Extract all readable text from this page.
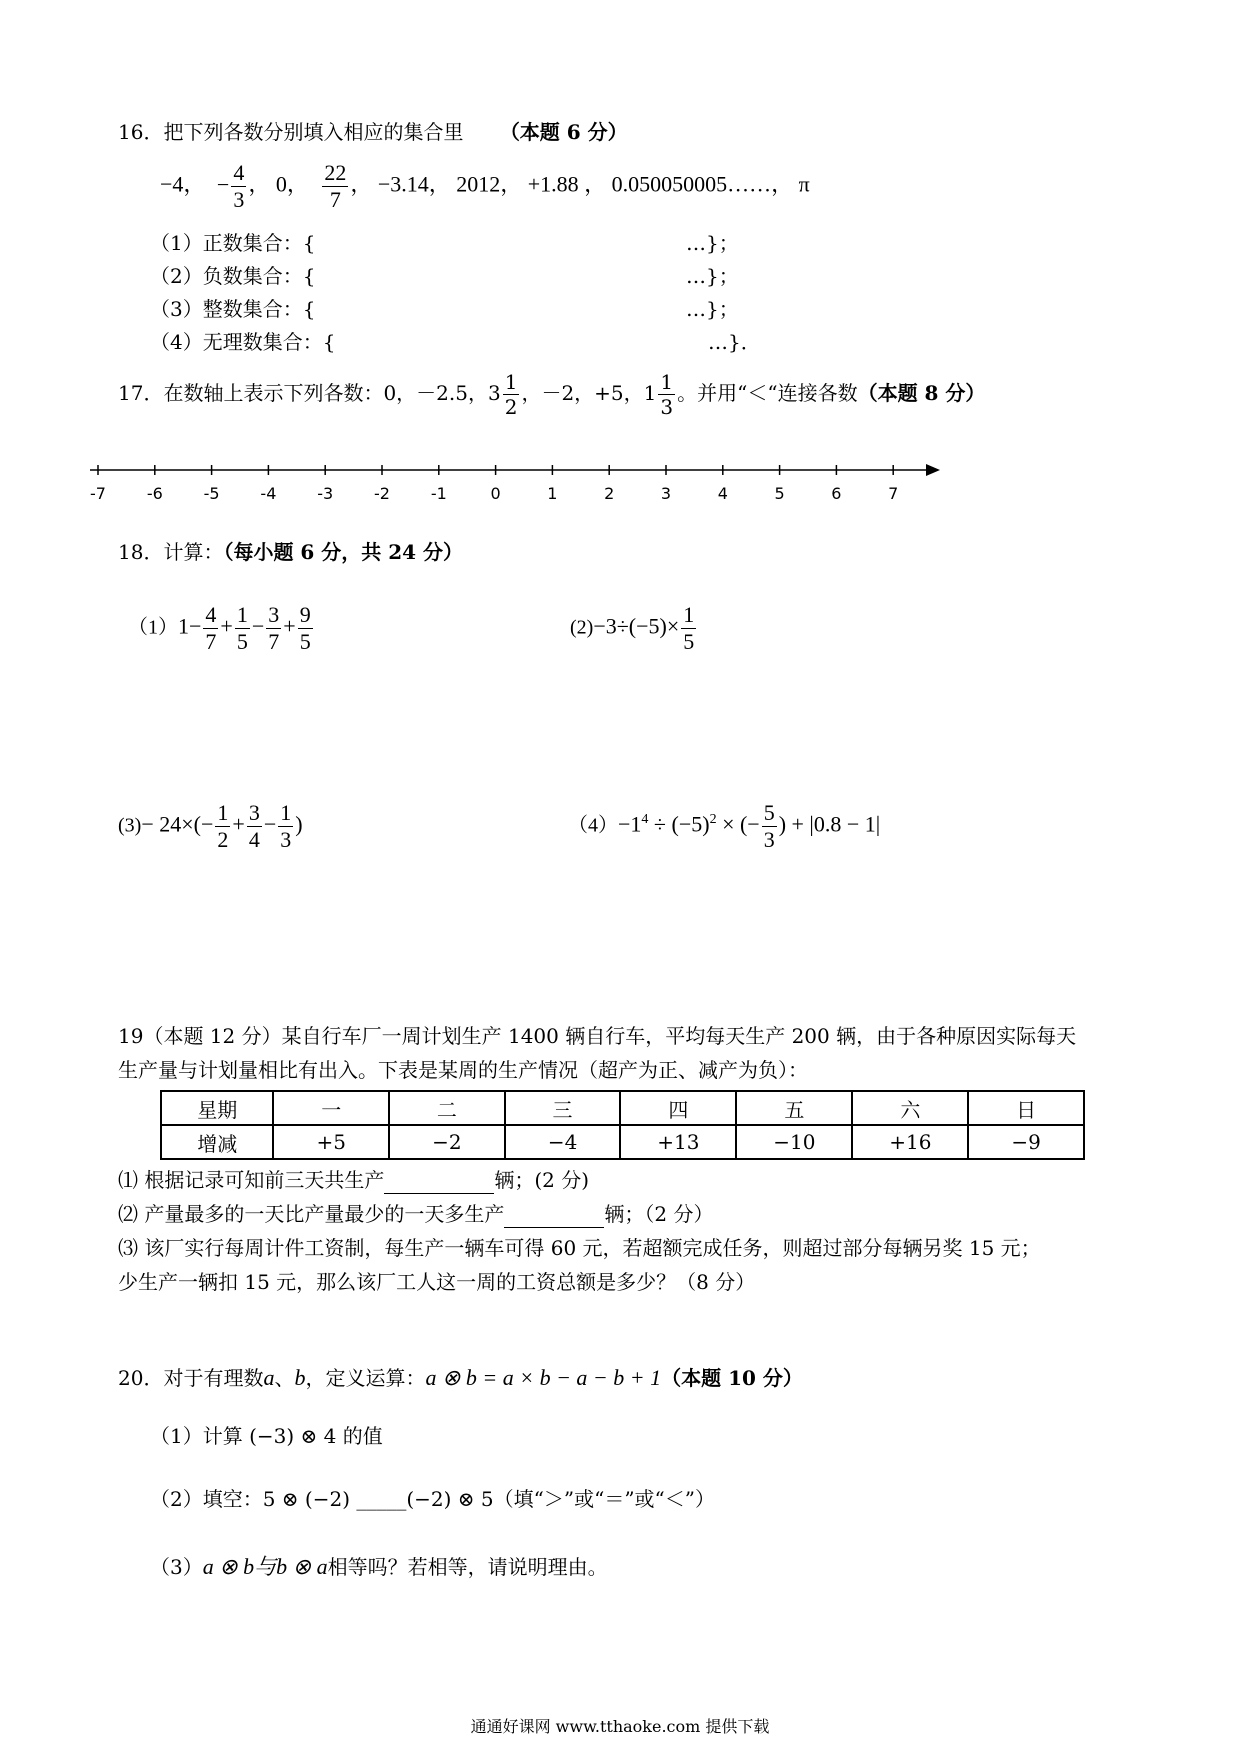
16．把下列各数分别填入相应的集合里 （本题 6 分）
−4， − $\frac{4}{3}$ ， 0， $\frac{22}{7}$ ， −3.14， 2012， +1.88 ， 0.050050005……， π
（1）正数集合：{	…}；
（2）负数集合：{	…}；
（3）整数集合：{	…}；
（4）无理数集合：{	…}．
17．在数轴上表示下列各数：0，－2.5，$3 \frac{1}{2}$ ，－2，+5，$1 \frac{1}{3}$ 。并用“＜“连接各数（本题 8 分）
-7	-6	-5	-4	-3	-2	-1	0	1	2	3	4	5	6	7
18．计算：（每小题 6 分，共 24 分）
$(1)1- \frac{4}{7} + \frac{1}{5} - \frac{3}{7} + \frac{9}{5}$	$(2)-3\div(-5)\times \frac{1}{5}$
$(3)- 24\times(- \frac{1}{2} + \frac{3}{4} - \frac{1}{3}$ )	$(4)-1^4 \div (-5)^2$ × (− $\frac{5}{3}$ ) + |0.8 − 1|
19（本题 12 分）某自行车厂一周计划生产 1400 辆自行车，平均每天生产 200 辆，由于各种原因实际每天
生产量与计划量相比有出入。下表是某周的生产情况（超产为正、减产为负）：
星期	一	二	三	四	五	六	日
增减	+5	−2	−4	+13	−10	+16	−9
⑴ 根据记录可知前三天共生产	辆；(2 分)
⑵ 产量最多的一天比产量最少的一天多生产	辆；（2 分）
⑶ 该厂实行每周计件工资制，每生产一辆车可得 60 元，若超额完成任务，则超过部分每辆另奖 15 元；
少生产一辆扣 15 元，那么该厂工人这一周的工资总额是多少？（8 分）
20．对于有理数a、b，定义运算：a ⊗ b = a × b − a − b + 1（本题 10 分）
（1）计算 (−3) ⊗ 4 的值
（2）填空：5 ⊗ (−2) _____(−2) ⊗ 5（填“＞”或“＝”或“＜”）
（3）a ⊗ b与b ⊗ a相等吗？若相等，请说明理由。
通通好课网 www.tthaoke.com 提供下载
